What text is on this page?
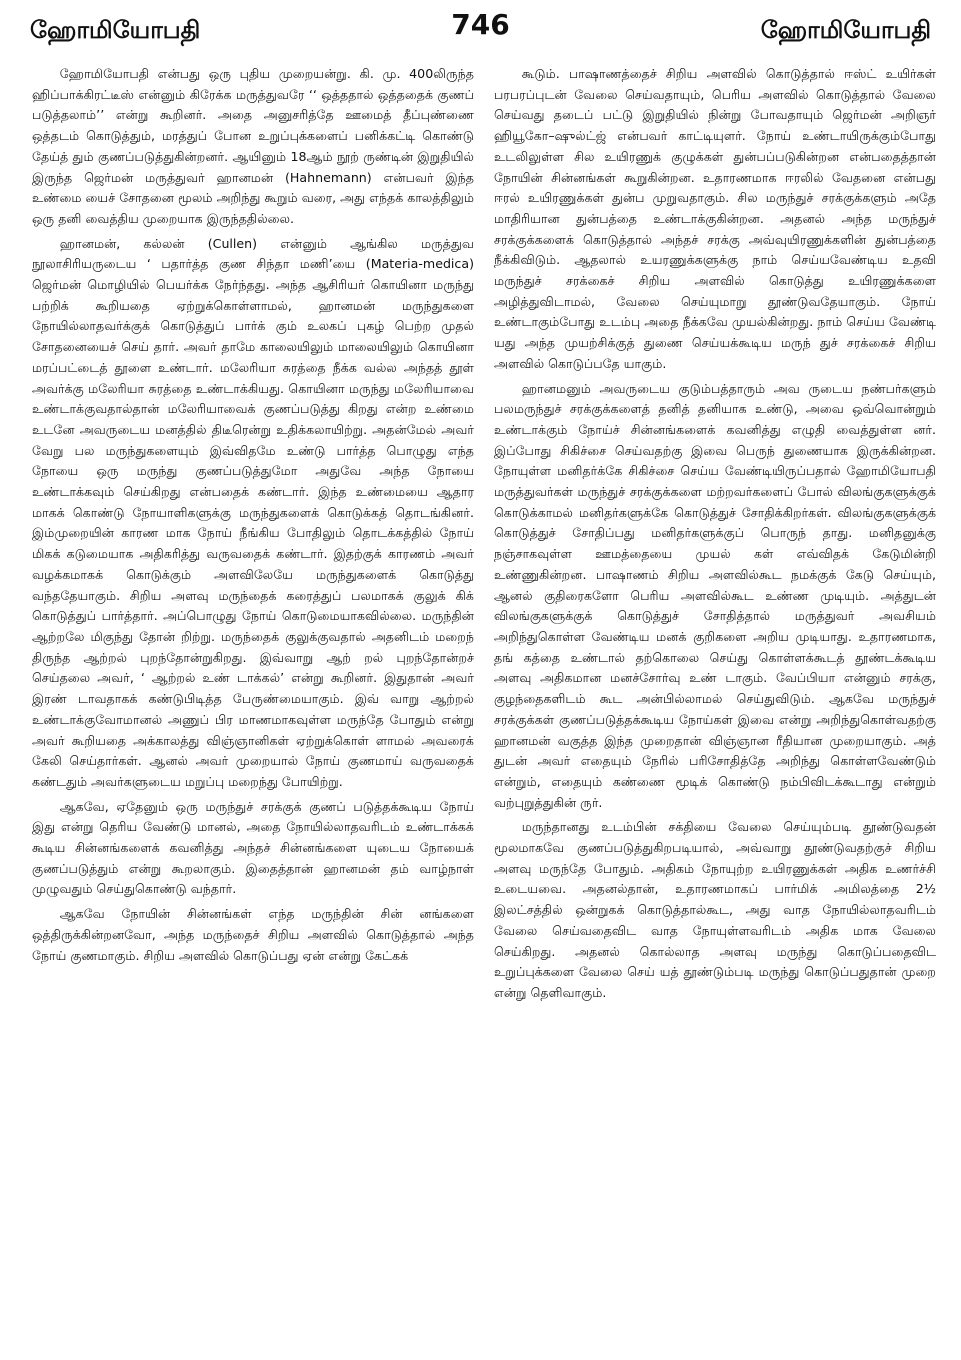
ஹோமியோபதி	746	ஹோமியோபதி

ஹோமியோபதி என்பது ஒரு புதிய முறையன்று. கி. மு. 400லிருந்த ஹிப்பாக்கிரட்டீஸ் என்னும் கிரேக்க மருத்துவரே ‘‘ ஒத்ததால் ஒத்ததைக் குணப் படுத்தலாம்’’ என்று கூறினர். அதை அனுசரித்தே ஊமைத் தீப்புண்ணை ஒத்தடம் கொடுத்தும், மரத்துப் போன உறுப்புக்களைப் பனிக்கட்டி கொண்டு தேய்த் தும் குணப்படுத்துகின்றனர். ஆயினும் 18ஆம் நூற் ருண்டின் இறுதியில் இருந்த ஜெர்மன் மருத்துவர் ஹானமன் (Hahnemann) என்பவர் இந்த உண்மை யைச் சோதனை மூலம் அறிந்து கூறும் வரை, அது எந்தக் காலத்திலும் ஒரு தனி வைத்திய முறையாக இருந்ததில்லை.

ஹானமன், கல்லன் (Cullen) என்னும் ஆங்கில மருத்துவ நூலாசிரியருடைய ‘ பதார்த்த குண சிந்தா மணி’யை (Materia-medica) ஜெர்மன் மொழியில் பெயர்க்க நேர்ந்தது. அந்த ஆசிரியர் கொயினா மருந்து பற்றிக் கூறியதை ஏற்றுக்கொள்ளாமல், ஹானமன் மருந்துகளை நோயில்லாதவர்க்குக் கொடுத்துப் பார்க் கும் உலகப் புகழ் பெற்ற முதல் சோதனையைச் செய் தார். அவர் தாமே காலையிலும் மாலையிலும் கொயினா மரப்பட்டைத் தூளை உண்டார். மலேரியா சுரத்தை நீக்க வல்ல அந்தத் தூள் அவர்க்கு மலேரியா சுரத்தை உண்டாக்கியது. கொயினா மருந்து மலேரியாவை உண்டாக்குவதால்தான் மலேரியாவைக் குணப்படுத்து கிறது என்ற உண்மை உடனே அவருடைய மனத்தில் திடீரென்று உதிக்கலாயிற்று. அதன்மேல் அவர் வேறு பல மருந்துகளையும் இவ்விதமே உண்டு பார்த்த பொழுது எந்த நோயை ஒரு மருந்து குணப்படுத்துமோ அதுவே அந்த நோயை உண்டாக்கவும் செய்கிறது என்பதைக் கண்டார். இந்த உண்மையை ஆதார மாகக் கொண்டு நோயாளிகளுக்கு மருந்துகளைக் கொடுக்கத் தொடங்கினர். இம்முறையின் காரண மாக நோய் நீங்கிய போதிலும் தொடக்கத்தில் நோய் மிகக் கடுமையாக அதிகரித்து வருவதைக் கண்டார். இதற்குக் காரணம் அவர் வழக்கமாகக் கொடுக்கும் அளவிலேயே மருந்துகளைக் கொடுத்து வந்ததேயாகும். சிறிய அளவு மருந்தைக் கரைத்துப் பலமாகக் குலுக் கிக் கொடுத்துப் பார்த்தார். அப்பொழுது நோய் கொடுமையாகவில்லை. மருந்தின் ஆற்றலே மிகுந்து தோன் றிற்று. மருந்தைக் குலுக்குவதால் அதனிடம் மறைந் திருந்த ஆற்றல் புறந்தோன்றுகிறது. இவ்வாறு ஆற் றல் புறந்தோன்றச் செய்தலை அவர், ‘ ஆற்றல் உண் டாக்கல்’ என்று கூறினர். இதுதான் அவர் இரண் டாவதாகக் கண்டுபிடித்த பேருண்மையாகும். இவ் வாறு ஆற்றல் உண்டாக்குவோமானல் அணுப் பிர மாணமாகவுள்ள மருந்தே போதும் என்று அவர் கூறியதை அக்காலத்து விஞ்ஞானிகள் ஏற்றுக்கொள் ளாமல் அவரைக் கேலி செய்தார்கள். ஆனல் அவர் முறையால் நோய் குணமாய் வருவதைக் கண்டதும் அவர்களுடைய மறுப்பு மறைந்து போயிற்று.

ஆகவே, ஏதேனும் ஒரு மருந்துச் சரக்குக் குணப் படுத்தக்கூடிய நோய் இது என்று தெரிய வேண்டு மானல், அதை நோயில்லாதவரிடம் உண்டாக்கக் கூடிய சின்னங்களைக் கவனித்து அந்தச் சின்னங்களை யுடைய நோயைக் குணப்படுத்தும் என்று கூறலாகும். இதைத்தான் ஹானமன் தம் வாழ்நாள் முழுவதும் செய்துகொண்டு வந்தார்.

ஆகவே நோயின் சின்னங்கள் எந்த மருந்தின் சின் னங்களை ஒத்திருக்கின்றனவோ, அந்த மருந்தைச் சிறிய அளவில் கொடுத்தால் அந்த நோய் குணமாகும். சிறிய அளவில் கொடுப்பது ஏன் என்று கேட்கக்

கூடும். பாஷாணத்தைச் சிறிய அளவில் கொடுத்தால் ஈஸ்ட் உயிர்கள் பரபரப்புடன் வேலை செய்வதாயும், பெரிய அளவில் கொடுத்தால் வேலை செய்வது தடைப் பட்டு இறுதியில் நின்று போவதாயும் ஜெர்மன் அறிஞர் ஹியூகோ–ஷுல்ட்ஜ் என்பவர் காட்டியுளர். நோய் உண்டாயிருக்கும்போது உடலிலுள்ள சில உயிரணுக் குழுக்கள் துன்பப்படுகின்றன என்பதைத்தான் நோயின் சின்னங்கள் கூறுகின்றன. உதாரணமாக ஈரலில் வேதனை என்பது ஈரல் உயிரணுக்கள் துன்ப முறுவதாகும். சில மருந்துச் சரக்குக்களும் அதே மாதிரியான துன்பத்தை உண்டாக்குகின்றன. அதனல் அந்த மருந்துச் சரக்குக்களைக் கொடுத்தால் அந்தச் சரக்கு அவ்வுயிரணுக்களின் துன்பத்தை நீக்கிவிடும். ஆதலால் உயரணுக்களுக்கு நாம் செய்யவேண்டிய உதவி மருந்துச் சரக்கைச் சிறிய அளவில் கொடுத்து உயிரணுக்களை அழித்துவிடாமல், வேலை செய்யுமாறு தூண்டுவதேயாகும். நோய் உண்டாகும்போது உடம்பு அதை நீக்கவே முயல்கின்றது. நாம் செய்ய வேண்டி யது அந்த முயற்சிக்குத் துணை செய்யக்கூடிய மருந் துச் சரக்கைச் சிறிய அளவில் கொடுப்பதே யாகும்.

ஹானமனும் அவருடைய குடும்பத்தாரும் அவ ருடைய நண்பர்களும் பலமருந்துச் சரக்குக்களைத் தனித் தனியாக உண்டு, அவை ஒவ்வொன்றும் உண்டாக்கும் நோய்ச் சின்னங்களைக் கவனித்து எழுதி வைத்துள்ள னர். இப்போது சிகிச்சை செய்வதற்கு இவை பெருந் துணையாக இருக்கின்றன. நோயுள்ள மனிதர்க்கே சிகிச்சை செய்ய வேண்டியிருப்பதால் ஹோமியோபதி மருத்துவர்கள் மருந்துச் சரக்குக்களை மற்றவர்களைப் போல் விலங்குகளுக்குக் கொடுக்காமல் மனிதர்களுக்கே கொடுத்துச் சோதிக்கிறர்கள். விலங்குகளுக்குக் கொடுத்துச் சோதிப்பது மனிதர்களுக்குப் பொருந் தாது. மனிதனுக்கு நஞ்சாகவுள்ள ஊமத்தையை முயல் கள் எவ்விதக் கேடுமின்றி உண்ணுகின்றன. பாஷாணம் சிறிய அளவில்கூட நமக்குக் கேடு செய்யும், ஆனல் குதிரைகளோ பெரிய அளவில்கூட உண்ண முடியும். அத்துடன் விலங்குகளுக்குக் கொடுத்துச் சோதித்தால் மருத்துவர் அவசியம் அறிந்துகொள்ள வேண்டிய மனக் குறிகளை அறிய முடியாது. உதாரணமாக, தங் கத்தை உண்டால் தற்கொலை செய்து கொள்ளக்கூடத் தூண்டக்கூடிய அளவு அதிகமான மனச்சோர்வு உண் டாகும். வேப்பியா என்னும் சரக்கு, குழந்தைகளிடம் கூட அன்பில்லாமல் செய்துவிடும். ஆகவே மருந்துச் சரக்குக்கள் குணப்படுத்தக்கூடிய நோய்கள் இவை என்று அறிந்துகொள்வதற்கு ஹானமன் வகுத்த இந்த முறைதான் விஞ்ஞான ரீதியான முறையாகும். அத் துடன் அவர் எதையும் நேரில் பரிசோதித்தே அறிந்து கொள்ளவேண்டும் என்றும், எதையும் கண்ணை மூடிக் கொண்டு நம்பிவிடக்கூடாது என்றும் வற்புறுத்துகின் ருர்.

மருந்தானது உடம்பின் சக்தியை வேலை செய்யும்படி தூண்டுவதன் மூலமாகவே குணப்படுத்துகிறபடியால், அவ்வாறு தூண்டுவதற்குச் சிறிய அளவு மருந்தே போதும். அதிகம் நோயுற்ற உயிரணுக்கள் அதிக உணர்ச்சி உடையவை. அதனல்தான், உதாரணமாகப் பார்மிக் அமிலத்தை 2½ இலட்சத்தில் ஒன்றுகக் கொடுத்தால்கூட, அது வாத நோயில்லாதவரிடம் வேலை செய்வதைவிட வாத நோயுள்ளவரிடம் அதிக மாக வேலை செய்கிறது. அதனல் கொல்லாத அளவு மருந்து கொடுப்பதைவிட உறுப்புக்களை வேலை செய் யத் தூண்டும்படி மருந்து கொடுப்பதுதான் முறை என்று தெளிவாகும்.
